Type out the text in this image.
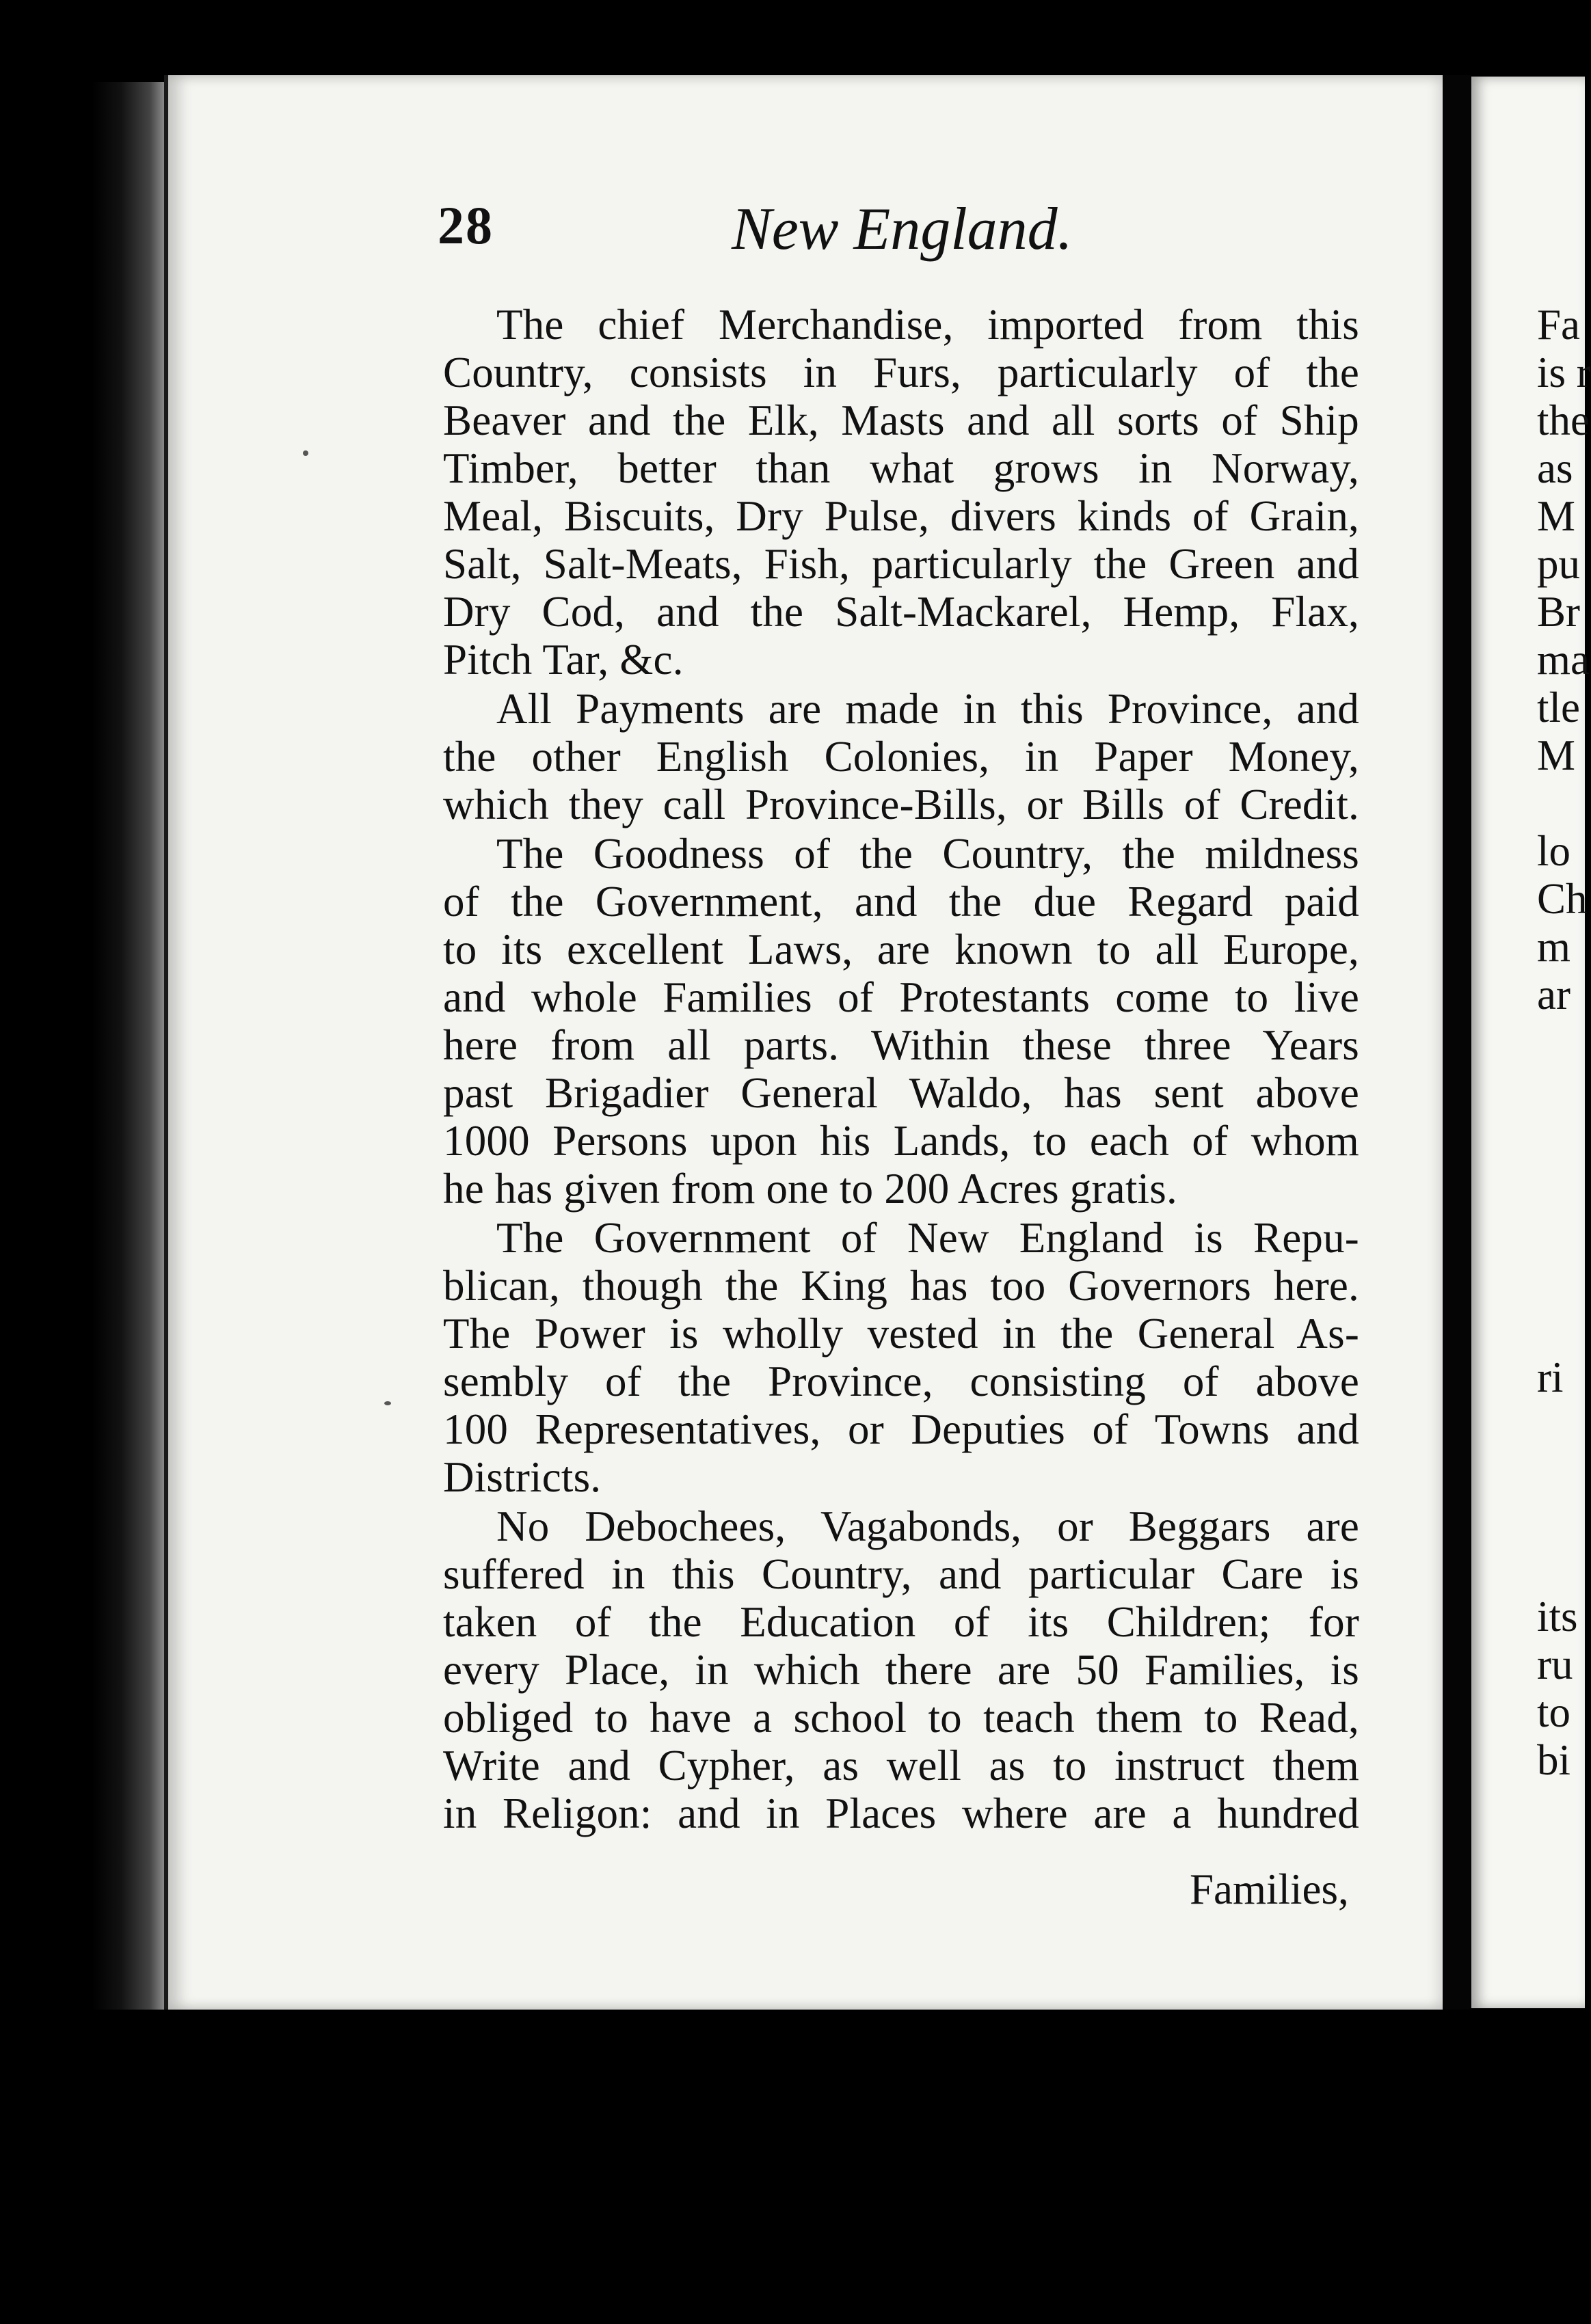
28	New England.
The chief Merchandise, imported from this
Country, consists in Furs, particularly of the
Beaver and the Elk, Masts and all sorts of Ship
Timber, better than what grows in Norway,
Meal, Biscuits, Dry Pulse, divers kinds of Grain,
Salt, Salt-Meats, Fish, particularly the Green and
Dry Cod, and the Salt-Mackarel, Hemp, Flax,
Pitch Tar, &c.
All Payments are made in this Province, and
the other English Colonies, in Paper Money,
which they call Province-Bills, or Bills of Credit.
The Goodness of the Country, the mildness
of the Government, and the due Regard paid
to its excellent Laws, are known to all Europe,
and whole Families of Protestants come to live
here from all parts. Within these three Years
past Brigadier General Waldo, has sent above
1000 Persons upon his Lands, to each of whom
he has given from one to 200 Acres gratis.
The Government of New England is Repu-
blican, though the King has too Governors here.
The Power is wholly vested in the General As-
sembly of the Province, consisting of above
100 Representatives, or Deputies of Towns and
Districts.
No Debochees, Vagabonds, or Beggars are
suffered in this Country, and particular Care is
taken of the Education of its Children; for
every Place, in which there are 50 Families, is
obliged to have a school to teach them to Read,
Write and Cypher, as well as to instruct them
in Religon: and in Places where are a hundred
Families,
Fa
is r
the
as
M
pu
Br
ma
tle
M
lo
Ch
m
ar
ri
its
ru
to
bi
